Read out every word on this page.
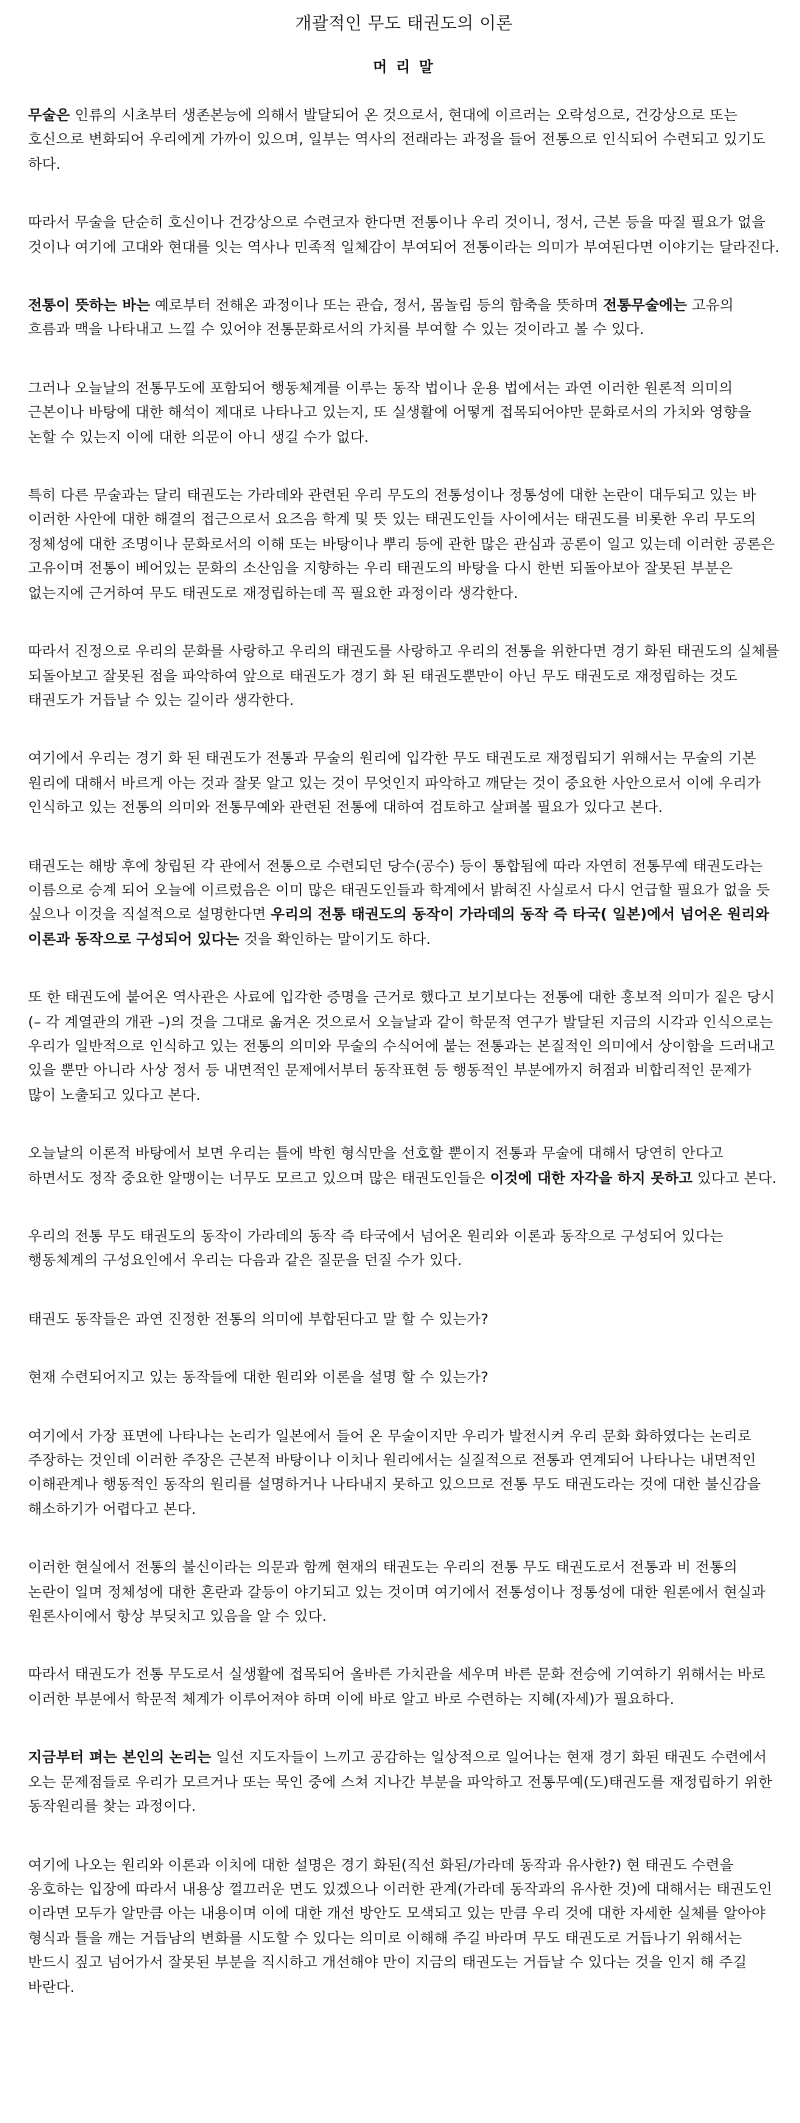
개괄적인 무도 태권도의 이론
머 리 말

무술은 인류의 시초부터 생존본능에 의해서 발달되어 온 것으로서, 현대에 이르러는 오락성으로, 건강상으로 또는 호신으로 변화되어 우리에게 가까이 있으며, 일부는 역사의 전래라는 과정을 들어 전통으로 인식되어 수련되고 있기도 하다.

따라서 무술을 단순히 호신이나 건강상으로 수련코자 한다면 전통이나 우리 것이니, 정서, 근본 등을 따질 필요가 없을 것이나 여기에 고대와 현대를 잇는 역사나 민족적 일체감이 부여되어 전통이라는 의미가 부여된다면 이야기는 달라진다.

전통이 뜻하는 바는 예로부터 전해온 과정이나 또는 관습, 정서, 몸놀림 등의 함축을 뜻하며 전통무술에는 고유의 흐름과 맥을 나타내고 느낄 수 있어야 전통문화로서의 가치를 부여할 수 있는 것이라고 볼 수 있다.

그러나 오늘날의 전통무도에 포함되어 행동체계를 이루는 동작 법이나 운용 법에서는 과연 이러한 원론적 의미의 근본이나 바탕에 대한 해석이 제대로 나타나고 있는지, 또 실생활에 어떻게 접목되어야만 문화로서의 가치와 영향을 논할 수 있는지 이에 대한 의문이 아니 생길 수가 없다.

특히 다른 무술과는 달리 태권도는 가라데와 관련된 우리 무도의 전통성이나 정통성에 대한 논란이 대두되고 있는 바 이러한 사안에 대한 해결의 접근으로서 요즈음 학계 및 뜻 있는 태권도인들 사이에서는 태권도를 비롯한 우리 무도의 정체성에 대한 조명이나 문화로서의 이해 또는 바탕이나 뿌리 등에 관한 많은 관심과 공론이 일고 있는데 이러한 공론은 고유이며 전통이 베어있는 문화의 소산임을 지향하는 우리 태권도의 바탕을 다시 한번 되돌아보아 잘못된 부분은 없는지에 근거하여 무도 태권도로 재정립하는데 꼭 필요한 과정이라 생각한다.

따라서 진정으로 우리의 문화를 사랑하고 우리의 태권도를 사랑하고 우리의 전통을 위한다면 경기 화된 태권도의 실체를 되돌아보고 잘못된 점을 파악하여 앞으로 태권도가 경기 화 된 태권도뿐만이 아닌 무도 태권도로 재정립하는 것도 태권도가 거듭날 수 있는 길이라 생각한다.

여기에서 우리는 경기 화 된 태권도가 전통과 무술의 원리에 입각한 무도 태권도로 재정립되기 위해서는 무술의 기본 원리에 대해서 바르게 아는 것과 잘못 알고 있는 것이 무엇인지 파악하고 깨닫는 것이 중요한 사안으로서 이에 우리가 인식하고 있는 전통의 의미와 전통무예와 관련된 전통에 대하여 검토하고 살펴볼 필요가 있다고 본다.

태권도는 해방 후에 창립된 각 관에서 전통으로 수련되던 당수(공수) 등이 통합됨에 따라 자연히 전통무예 태권도라는 이름으로 승계 되어 오늘에 이르렀음은 이미 많은 태권도인들과 학계에서 밝혀진 사실로서 다시 언급할 필요가 없을 듯 싶으나 이것을 직설적으로 설명한다면 우리의 전통 태권도의 동작이 가라데의 동작 즉 타국( 일본)에서 넘어온 원리와 이론과 동작으로 구성되어 있다는 것을 확인하는 말이기도 하다.

또 한 태권도에 붙어온 역사관은 사료에 입각한 증명을 근거로 했다고 보기보다는 전통에 대한 홍보적 의미가 짙은 당시(– 각 계열관의 개관 –)의 것을 그대로 옮겨온 것으로서 오늘날과 같이 학문적 연구가 발달된 지금의 시각과 인식으로는 우리가 일반적으로 인식하고 있는 전통의 의미와 무술의 수식어에 붙는 전통과는 본질적인 의미에서 상이함을 드러내고 있을 뿐만 아니라 사상 정서 등 내면적인 문제에서부터 동작표현 등 행동적인 부분에까지 허점과 비합리적인 문제가 많이 노출되고 있다고 본다.

오늘날의 이론적 바탕에서 보면 우리는 틀에 박힌 형식만을 선호할 뿐이지 전통과 무술에 대해서 당연히 안다고 하면서도 정작 중요한 알맹이는 너무도 모르고 있으며 많은 태권도인들은 이것에 대한 자각을 하지 못하고 있다고 본다.

우리의 전통 무도 태권도의 동작이 가라데의 동작 즉 타국에서 넘어온 원리와 이론과 동작으로 구성되어 있다는 행동체계의 구성요인에서 우리는 다음과 같은 질문을 던질 수가 있다.

태권도 동작들은 과연 진정한 전통의 의미에 부합된다고 말 할 수 있는가?

현재 수련되어지고 있는 동작들에 대한 원리와 이론을 설명 할 수 있는가?

여기에서 가장 표면에 나타나는 논리가 일본에서 들어 온 무술이지만 우리가 발전시켜 우리 문화 화하였다는 논리로 주장하는 것인데 이러한 주장은 근본적 바탕이나 이치나 원리에서는 실질적으로 전통과 연계되어 나타나는 내면적인 이해관계나 행동적인 동작의 원리를 설명하거나 나타내지 못하고 있으므로 전통 무도 태권도라는 것에 대한 불신감을 해소하기가 어렵다고 본다.

이러한 현실에서 전통의 불신이라는 의문과 함께 현재의 태권도는 우리의 전통 무도 태권도로서 전통과 비 전통의 논란이 일며 정체성에 대한 혼란과 갈등이 야기되고 있는 것이며 여기에서 전통성이나 정통성에 대한 원론에서 현실과 원론사이에서 항상 부딪치고 있음을 알 수 있다.

따라서 태권도가 전통 무도로서 실생활에 접목되어 올바른 가치관을 세우며 바른 문화 전승에 기여하기 위해서는 바로 이러한 부분에서 학문적 체계가 이루어져야 하며 이에 바로 알고 바로 수련하는 지혜(자세)가 필요하다.

지금부터 펴는 본인의 논리는 일선 지도자들이 느끼고 공감하는 일상적으로 일어나는 현재 경기 화된 태권도 수련에서 오는 문제점들로 우리가 모르거나 또는 묵인 중에 스쳐 지나간 부분을 파악하고 전통무예(도)태권도를 재정립하기 위한 동작원리를 찾는 과정이다.

여기에 나오는 원리와 이론과 이치에 대한 설명은 경기 화된(직선 화된/가라데 동작과 유사한?) 현 태권도 수련을 옹호하는 입장에 따라서 내용상 껄끄러운 면도 있겠으나 이러한 관계(가라데 동작과의 유사한 것)에 대해서는 태권도인 이라면 모두가 알만큼 아는 내용이며 이에 대한 개선 방안도 모색되고 있는 만큼 우리 것에 대한 자세한 실체를 알아야 형식과 틀을 깨는 거듭남의 변화를 시도할 수 있다는 의미로 이해해 주길 바라며 무도 태권도로 거듭나기 위해서는 반드시 짚고 넘어가서 잘못된 부분을 직시하고 개선해야 만이 지금의 태권도는 거듭날 수 있다는 것을 인지 해 주길 바란다.
